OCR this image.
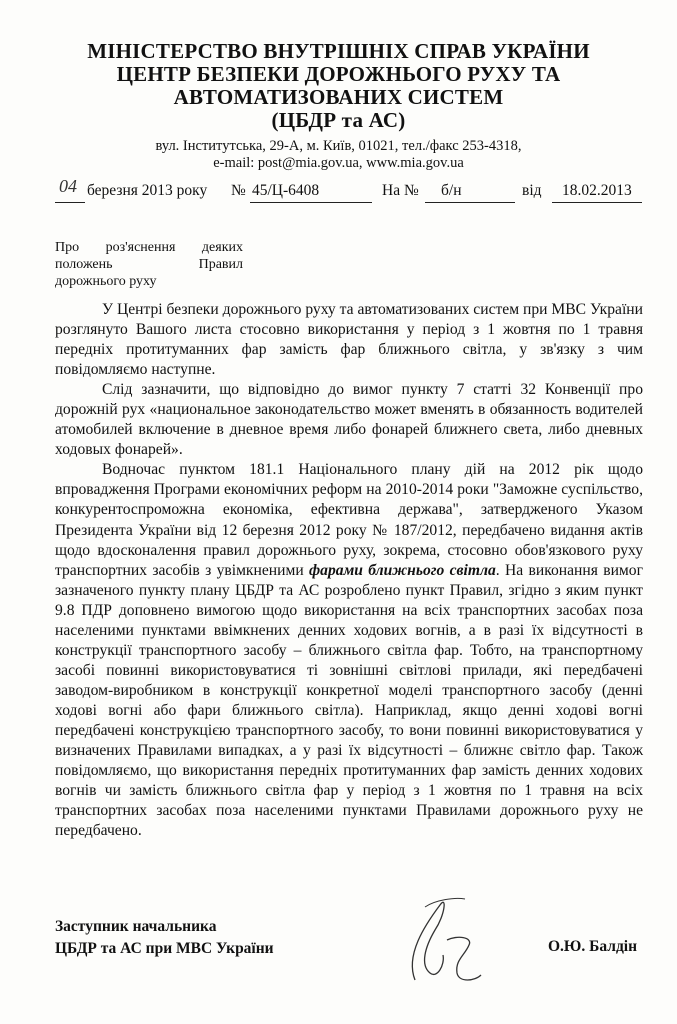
МІНІСТЕРСТВО ВНУТРІШНІХ СПРАВ УКРАЇНИ
ЦЕНТР БЕЗПЕКИ ДОРОЖНЬОГО РУХУ ТА
АВТОМАТИЗОВАНИХ СИСТЕМ
(ЦБДР та АС)
вул. Інститутська, 29-А, м. Київ, 01021, тел./факс 253-4318,
e-mail: post@mia.gov.ua, www.mia.gov.ua
04 березня 2013 року № 45/Ц-6408	На № б/н	від 18.02.2013
Про роз'яснення деяких
положень Правил
дорожнього руху

У Центрі безпеки дорожнього руху та автоматизованих систем при МВС України розглянуто Вашого листа стосовно використання у період з 1 жовтня по 1 травня передніх протитуманних фар замість фар ближнього світла, у зв'язку з чим повідомляємо наступне.

Слід зазначити, що відповідно до вимог пункту 7 статті 32 Конвенції про дорожній рух «национальное законодательство может вменять в обязанность водителей атомобилей включение в дневное время либо фонарей ближнего света, либо дневных ходовых фонарей».

Водночас пунктом 181.1 Національного плану дій на 2012 рік щодо впровадження Програми економічних реформ на 2010-2014 роки "Заможне суспільство, конкурентоспроможна економіка, ефективна держава", затвердженого Указом Президента України від 12 березня 2012 року № 187/2012, передбачено видання актів щодо вдосконалення правил дорожнього руху, зокрема, стосовно обов'язкового руху транспортних засобів з увімкненими фарами ближнього світла. На виконання вимог зазначеного пункту плану ЦБДР та АС розроблено пункт Правил, згідно з яким пункт 9.8 ПДР доповнено вимогою щодо використання на всіх транспортних засобах поза населеними пунктами ввімкнених денних ходових вогнів, а в разі їх відсутності в конструкції транспортного засобу – ближнього світла фар. Тобто, на транспортному засобі повинні використовуватися ті зовнішні світлові прилади, які передбачені заводом-виробником в конструкції конкретної моделі транспортного засобу (денні ходові вогні або фари ближнього світла). Наприклад, якщо денні ходові вогні передбачені конструкцією транспортного засобу, то вони повинні використовуватися у визначених Правилами випадках, а у разі їх відсутності – ближнє світло фар. Також повідомляємо, що використання передніх протитуманних фар замість денних ходових вогнів чи замість ближнього світла фар у період з 1 жовтня по 1 травня на всіх транспортних засобах поза населеними пунктами Правилами дорожнього руху не передбачено.

Заступник начальника
ЦБДР та АС при МВС України	О.Ю. Балдін
